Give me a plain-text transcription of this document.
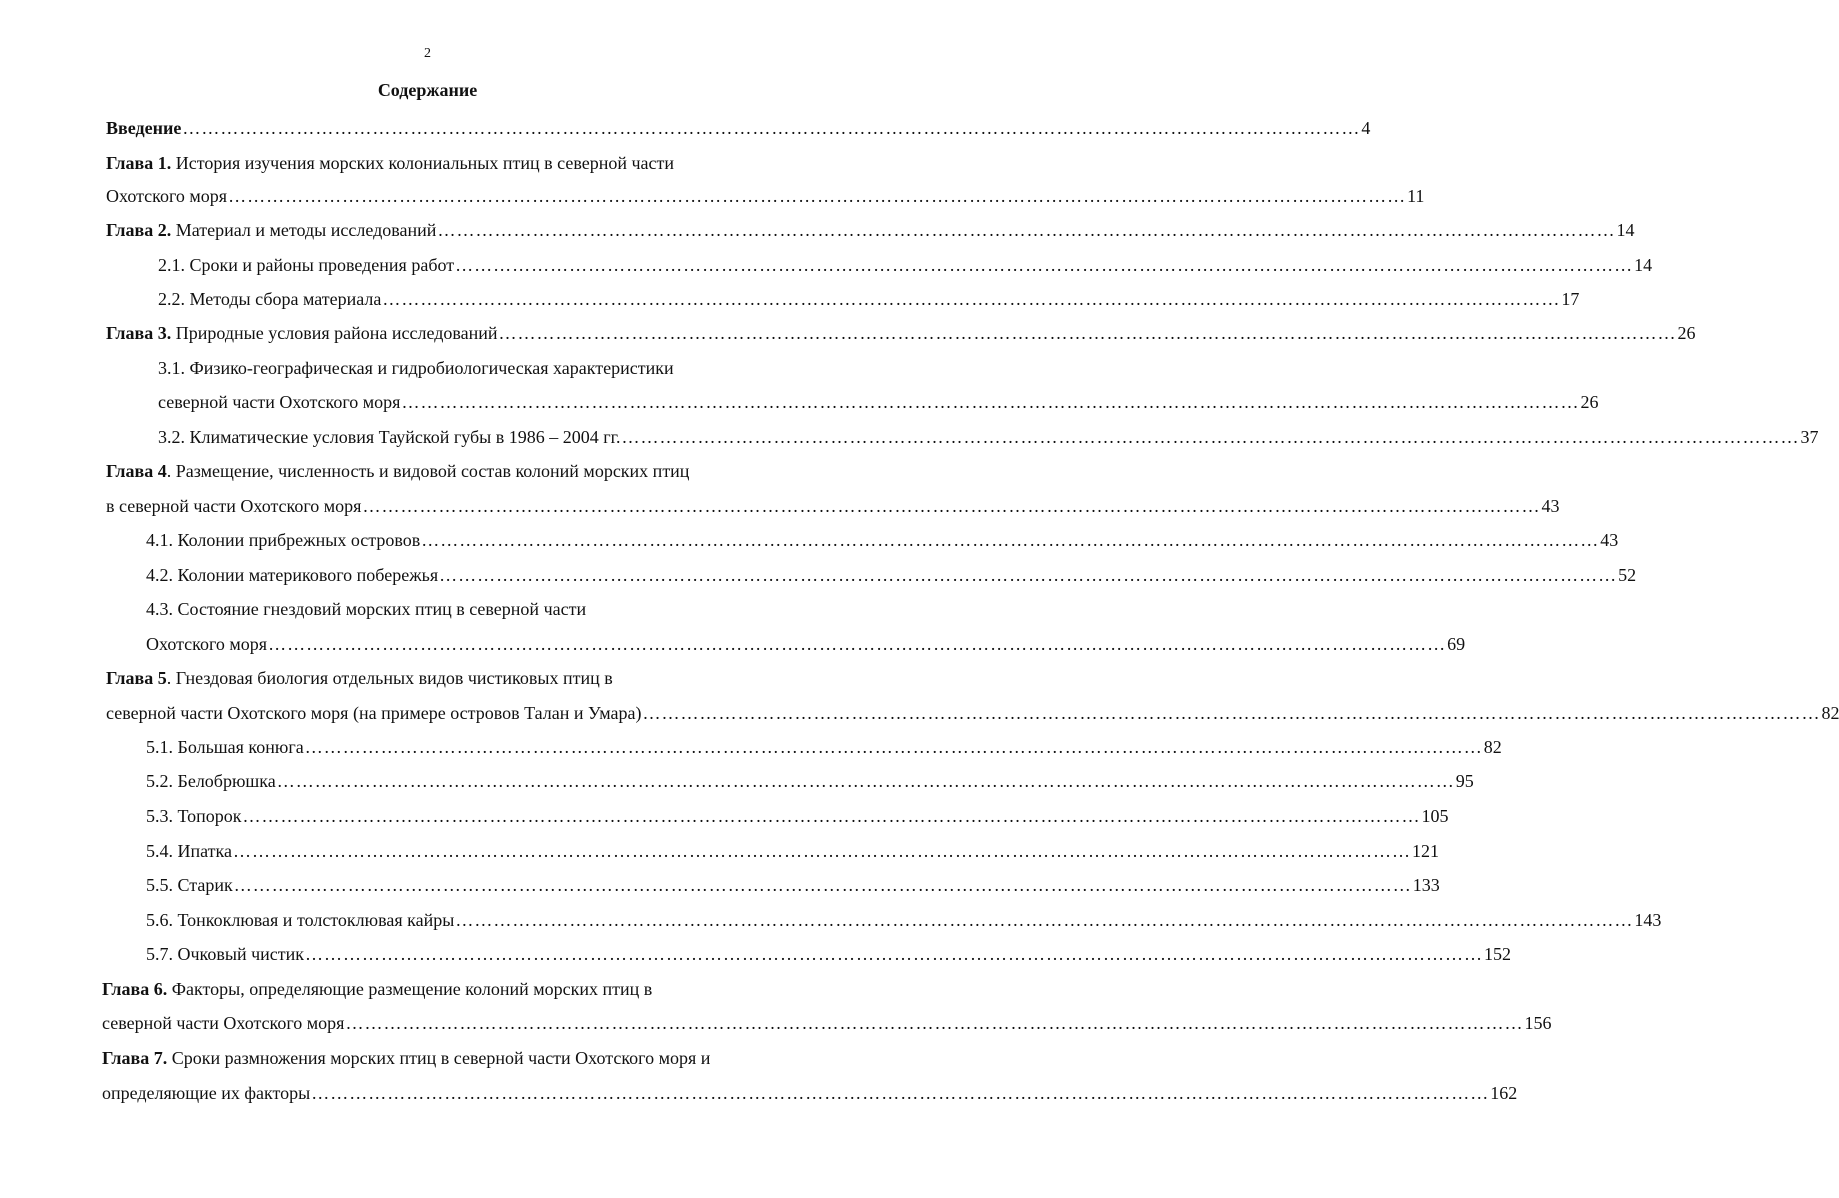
2
Содержание
Введение …………………………………………………………………………………………………………………………………………………………………… 4
Глава 1. История изучения морских колониальных птиц в северной части
Охотского моря …………………………………………………………………………………………………………………………………………………………………… 11
Глава 2. Материал и методы исследований …………………………………………………………………………………………………………………………………………………………………… 14
2.1. Сроки и районы проведения работ …………………………………………………………………………………………………………………………………………………………………… 14
2.2. Методы сбора материала …………………………………………………………………………………………………………………………………………………………………… 17
Глава 3. Природные условия района исследований …………………………………………………………………………………………………………………………………………………………………… 26
3.1. Физико-географическая и гидробиологическая характеристики
северной части Охотского моря …………………………………………………………………………………………………………………………………………………………………… 26
3.2. Климатические условия Тауйской губы в 1986 – 2004 гг. …………………………………………………………………………………………………………………………………………………………………… 37
Глава 4. Размещение, численность и видовой состав колоний морских птиц
в северной части Охотского моря …………………………………………………………………………………………………………………………………………………………………… 43
4.1. Колонии прибрежных островов …………………………………………………………………………………………………………………………………………………………………… 43
4.2. Колонии материкового побережья …………………………………………………………………………………………………………………………………………………………………… 52
4.3. Состояние гнездовий морских птиц в северной части
Охотского моря …………………………………………………………………………………………………………………………………………………………………… 69
Глава 5. Гнездовая биология отдельных видов чистиковых птиц в
северной части Охотского моря (на примере островов Талан и Умара) …………………………………………………………………………………………………………………………………………………………………… 82
5.1. Большая конюга …………………………………………………………………………………………………………………………………………………………………… 82
5.2. Белобрюшка …………………………………………………………………………………………………………………………………………………………………… 95
5.3. Топорок …………………………………………………………………………………………………………………………………………………………………… 105
5.4. Ипатка …………………………………………………………………………………………………………………………………………………………………… 121
5.5. Старик …………………………………………………………………………………………………………………………………………………………………… 133
5.6. Тонкоклювая и толстоклювая кайры …………………………………………………………………………………………………………………………………………………………………… 143
5.7. Очковый чистик …………………………………………………………………………………………………………………………………………………………………… 152
Глава 6. Факторы, определяющие размещение колоний морских птиц в
северной части Охотского моря …………………………………………………………………………………………………………………………………………………………………… 156
Глава 7. Сроки размножения морских птиц в северной части Охотского моря и
определяющие их факторы …………………………………………………………………………………………………………………………………………………………………… 162
